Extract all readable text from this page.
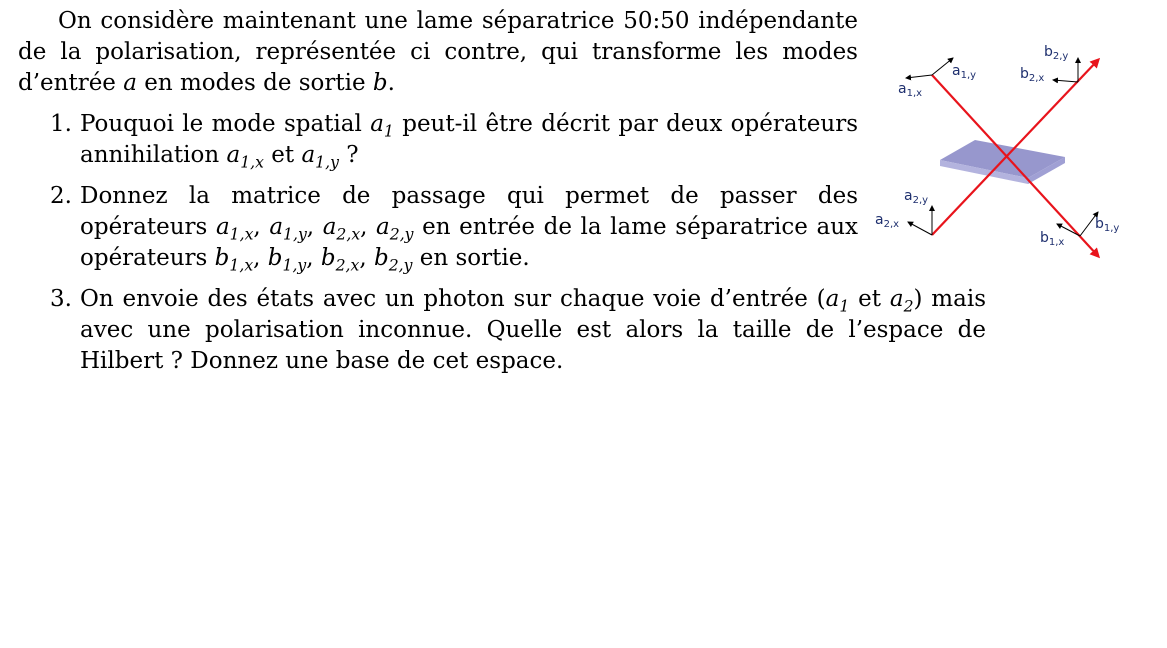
On considère maintenant une lame séparatrice 50:50 indépendante de la polarisation, représentée ci contre, qui transforme les modes d’entrée a en modes de sortie b.

1. Pouquoi le mode spatial $a_1$ peut-il être décrit par deux opérateurs annihilation $a_{1,x}$ et $a_{1,y}$ ?
2. Donnez la matrice de passage qui permet de passer des opérateurs $a_{1,x}$, $a_{1,y}$, $a_{2,x}$, $a_{2,y}$ en entrée de la lame séparatrice aux opérateurs $b_{1,x}$, $b_{1,y}$, $b_{2,x}$, $b_{2,y}$ en sortie.
3. On envoie des états avec un photon sur chaque voie d’entrée ($a_1$ et $a_2$) mais avec une polarisation inconnue. Quelle est alors la taille de l’espace de Hilbert ? Donnez une base de cet espace.
$a_{1,x}$
$a_{1,y}$
$a_{2,x}$
$a_{2,y}$
$b_{2,y}$
$b_{2,x}$
$b_{1,x}$
$b_{1,y}$
